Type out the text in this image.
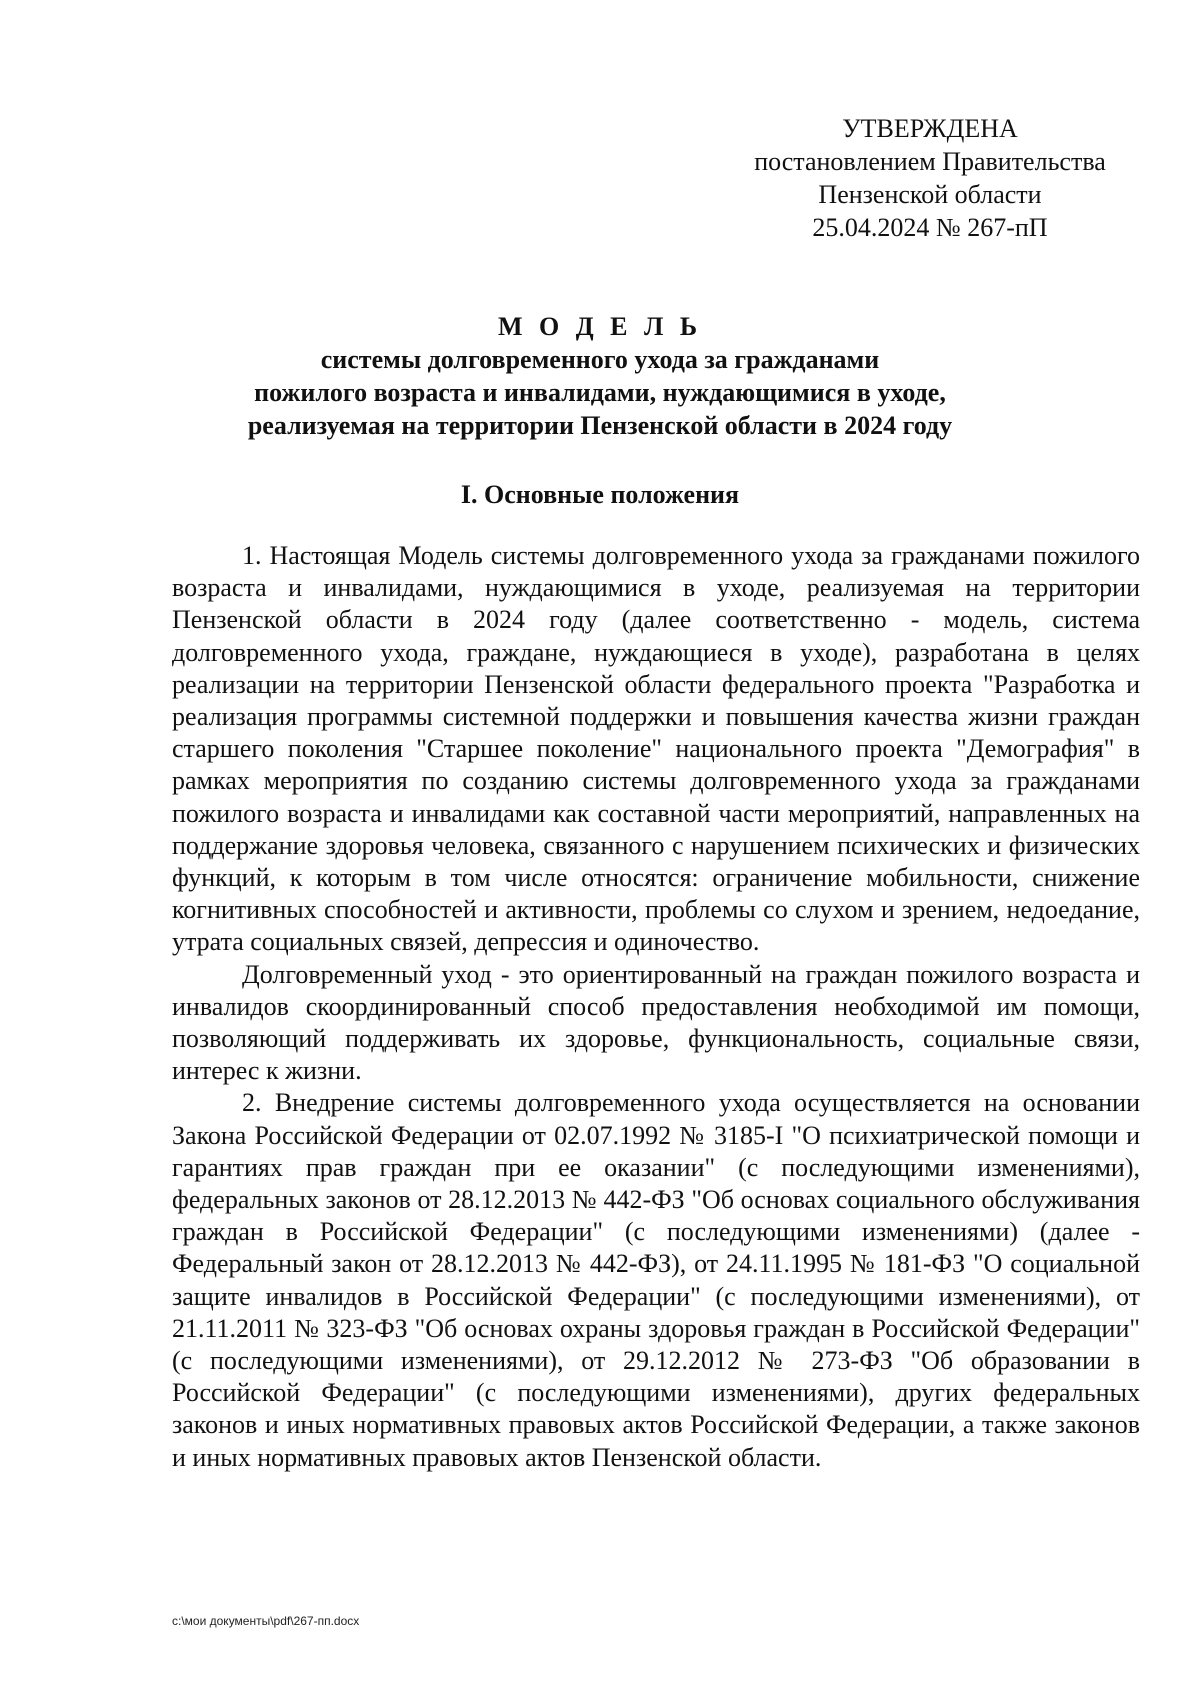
УТВЕРЖДЕНА
постановлением Правительства
Пензенской области
25.04.2024 № 267-пП
М О Д Е Л Ь
системы долговременного ухода за гражданами
пожилого возраста и инвалидами, нуждающимися в уходе,
реализуемая на территории Пензенской области в 2024 году
I. Основные положения

1. Настоящая Модель системы долговременного ухода за гражданами пожилого возраста и инвалидами, нуждающимися в уходе, реализуемая на территории Пензенской области в 2024 году (далее соответственно - модель, система долговременного ухода, граждане, нуждающиеся в уходе), разработана в целях реализации на территории Пензенской области федерального проекта "Разработка и реализация программы системной поддержки и повышения качества жизни граждан старшего поколения "Старшее поколение" национального проекта "Демография" в рамках мероприятия по созданию системы долговременного ухода за гражданами пожилого возраста и инвалидами как составной части мероприятий, направленных на поддержание здоровья человека, связанного с нарушением психических и физических функций, к которым в том числе относятся: ограничение мобильности, снижение когнитивных способностей и активности, проблемы со слухом и зрением, недоедание, утрата социальных связей, депрессия и одиночество.

Долговременный уход - это ориентированный на граждан пожилого возраста и инвалидов скоординированный способ предоставления необходимой им помощи, позволяющий поддерживать их здоровье, функциональность, социальные связи, интерес к жизни.

2. Внедрение системы долговременного ухода осуществляется на основании Закона Российской Федерации от 02.07.1992 № 3185-I "О психиатрической помощи и гарантиях прав граждан при ее оказании" (с последующими изменениями), федеральных законов от 28.12.2013 № 442-ФЗ "Об основах социального обслуживания граждан в Российской Федерации" (с последующими изменениями) (далее - Федеральный закон от 28.12.2013 № 442-ФЗ), от 24.11.1995 № 181-ФЗ "О социальной защите инвалидов в Российской Федерации" (с последующими изменениями), от 21.11.2011 № 323-ФЗ "Об основах охраны здоровья граждан в Российской Федерации" (с последующими изменениями), от 29.12.2012 № 273-ФЗ "Об образовании в Российской Федерации" (с последующими изменениями), других федеральных законов и иных нормативных правовых актов Российской Федерации, а также законов и иных нормативных правовых актов Пензенской области.

c:\мои документы\pdf\267-пп.docx
